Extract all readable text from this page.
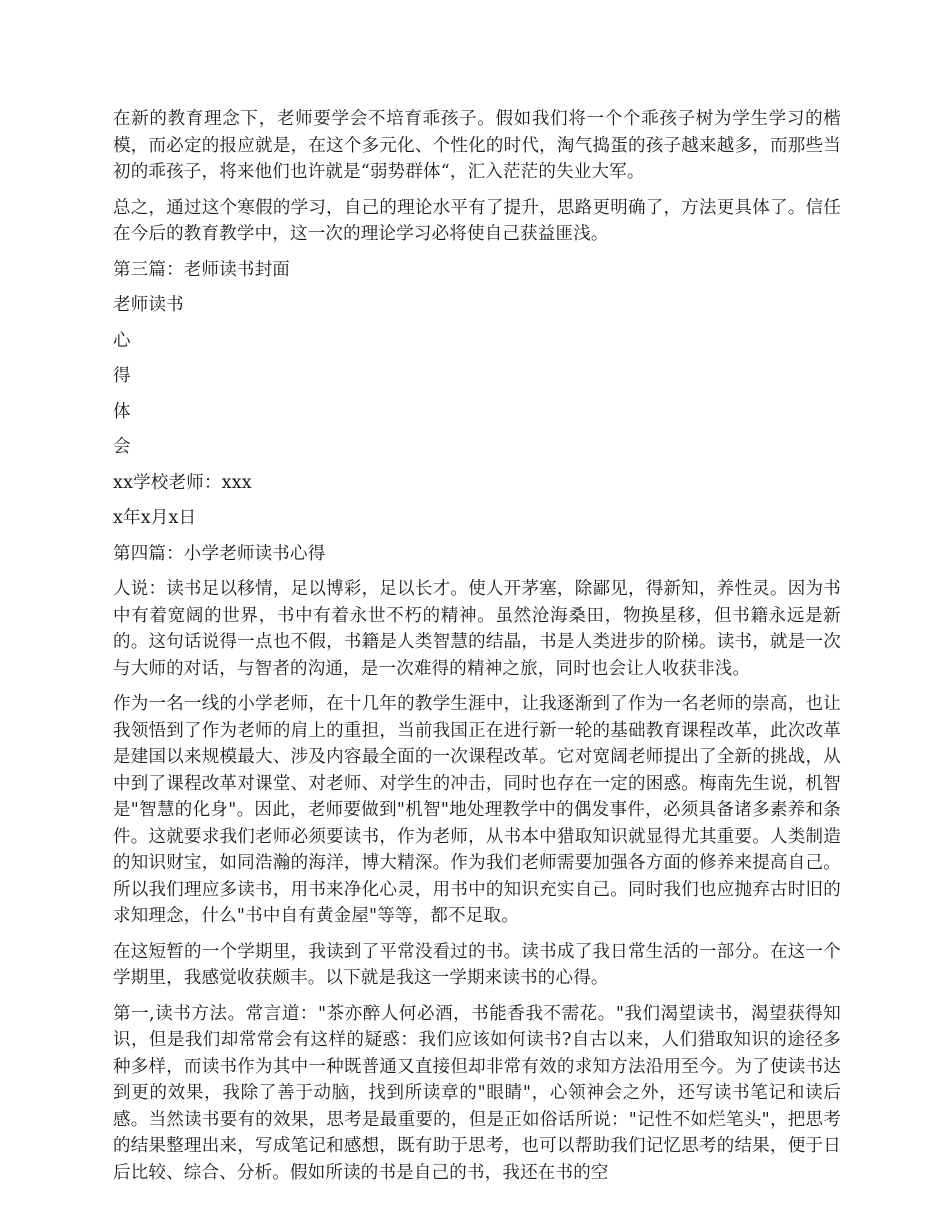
在新的教育理念下，老师要学会不培育乖孩子。假如我们将一个个乖孩子树为学生学习的楷模，而必定的报应就是，在这个多元化、个性化的时代，淘气捣蛋的孩子越来越多，而那些当初的乖孩子，将来他们也许就是“弱势群体“，汇入茫茫的失业大军。

总之，通过这个寒假的学习，自己的理论水平有了提升，思路更明确了，方法更具体了。信任在今后的教育教学中，这一次的理论学习必将使自己获益匪浅。

第三篇：老师读书封面

老师读书

心

得

体

会

xx学校老师：xxx

x年x月x日

第四篇：小学老师读书心得

人说：读书足以移情，足以博彩，足以长才。使人开茅塞，除鄙见，得新知，养性灵。因为书中有着宽阔的世界，书中有着永世不朽的精神。虽然沧海桑田，物换星移，但书籍永远是新的。这句话说得一点也不假，书籍是人类智慧的结晶，书是人类进步的阶梯。读书，就是一次与大师的对话，与智者的沟通，是一次难得的精神之旅，同时也会让人收获非浅。

作为一名一线的小学老师，在十几年的教学生涯中，让我逐渐到了作为一名老师的崇高，也让我领悟到了作为老师的肩上的重担，当前我国正在进行新一轮的基础教育课程改革，此次改革是建国以来规模最大、涉及内容最全面的一次课程改革。它对宽阔老师提出了全新的挑战，从中到了课程改革对课堂、对老师、对学生的冲击，同时也存在一定的困惑。梅南先生说，机智是"智慧的化身"。因此，老师要做到"机智"地处理教学中的偶发事件，必须具备诸多素养和条件。这就要求我们老师必须要读书，作为老师，从书本中猎取知识就显得尤其重要。人类制造的知识财宝，如同浩瀚的海洋，博大精深。作为我们老师需要加强各方面的修养来提高自己。所以我们理应多读书，用书来净化心灵，用书中的知识充实自己。同时我们也应抛弃古时旧的求知理念，什么"书中自有黄金屋"等等，都不足取。

在这短暂的一个学期里，我读到了平常没看过的书。读书成了我日常生活的一部分。在这一个学期里，我感觉收获颇丰。以下就是我这一学期来读书的心得。

第一,读书方法。常言道："茶亦醉人何必酒，书能香我不需花。"我们渴望读书，渴望获得知识，但是我们却常常会有这样的疑惑：我们应该如何读书?自古以来，人们猎取知识的途径多种多样，而读书作为其中一种既普通又直接但却非常有效的求知方法沿用至今。为了使读书达到更的效果，我除了善于动脑，找到所读章的"眼睛"，心领神会之外，还写读书笔记和读后感。当然读书要有的效果，思考是最重要的，但是正如俗话所说："记性不如烂笔头"，把思考的结果整理出来，写成笔记和感想，既有助于思考，也可以帮助我们记忆思考的结果，便于日后比较、综合、分析。假如所读的书是自己的书，我还在书的空
